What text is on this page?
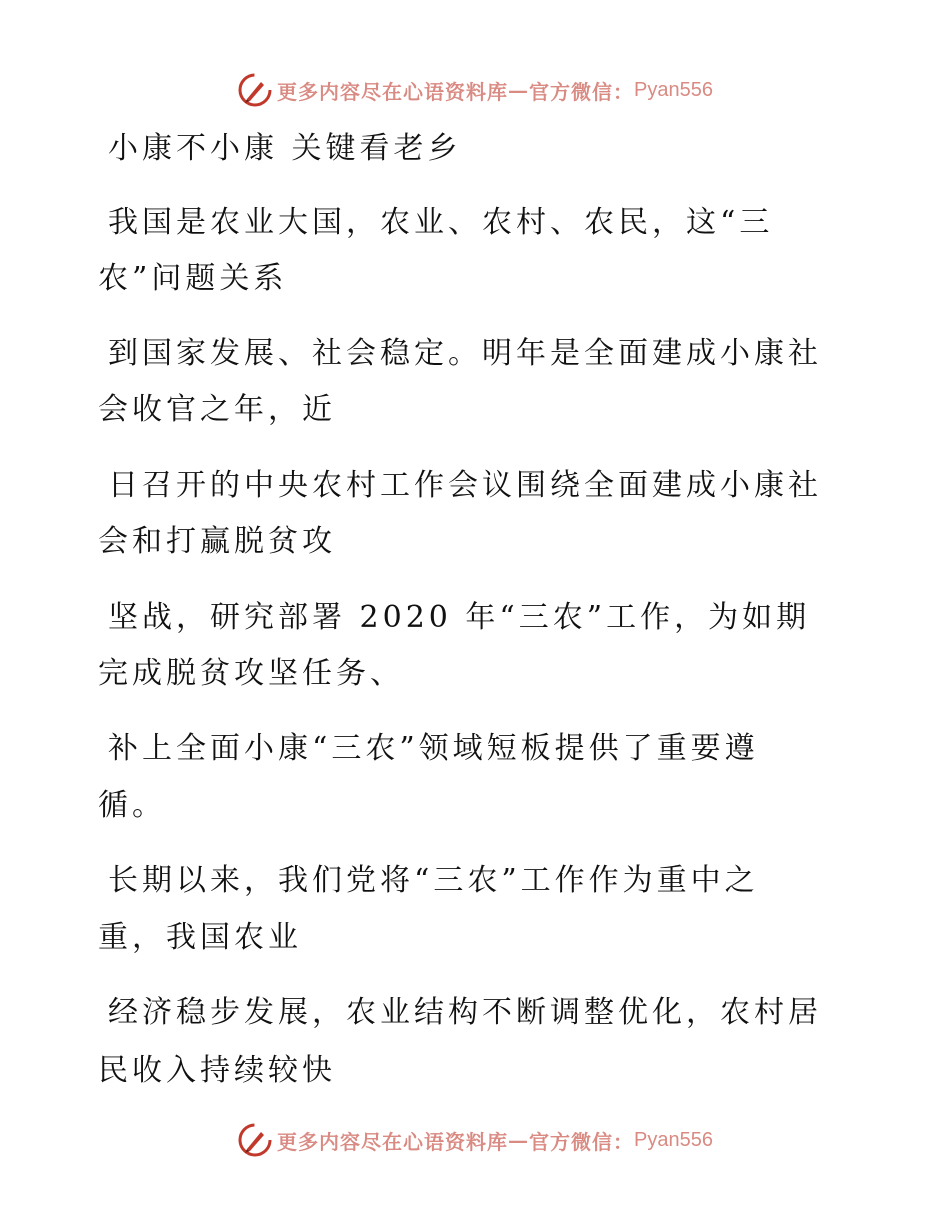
更多内容尽在心语资料库 — 官方微信： Pyan556
小康不小康 关键看老乡
我国是农业大国，农业、农村、农民，这“三
农”问题关系
到国家发展、社会稳定。明年是全面建成小康社
会收官之年，近
日召开的中央农村工作会议围绕全面建成小康社
会和打赢脱贫攻
坚战，研究部署 2020 年“三农”工作，为如期
完成脱贫攻坚任务、
补上全面小康“三农”领域短板提供了重要遵
循。
长期以来，我们党将“三农”工作作为重中之
重，我国农业
经济稳步发展，农业结构不断调整优化，农村居
民收入持续较快
更多内容尽在心语资料库 — 官方微信： Pyan556
